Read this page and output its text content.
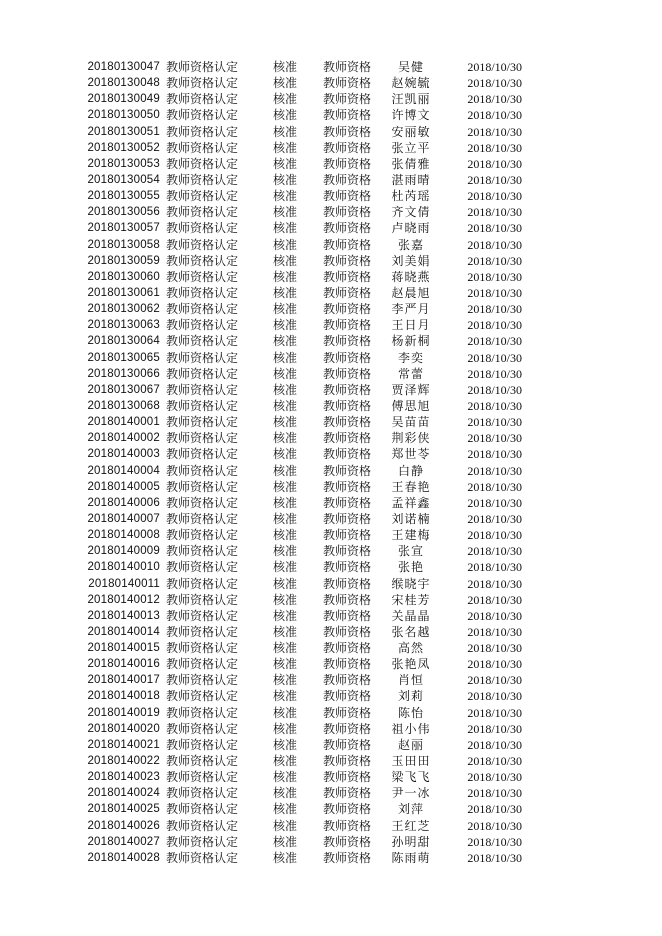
20180130047 教师资格认定	核准	教师资格	吴健	2018/10/30
20180130048 教师资格认定	核准	教师资格	赵婉毓	2018/10/30
20180130049 教师资格认定	核准	教师资格	汪凯丽	2018/10/30
20180130050 教师资格认定	核准	教师资格	许博文	2018/10/30
20180130051 教师资格认定	核准	教师资格	安丽敏	2018/10/30
20180130052 教师资格认定	核准	教师资格	张立平	2018/10/30
20180130053 教师资格认定	核准	教师资格	张倩雅	2018/10/30
20180130054 教师资格认定	核准	教师资格	湛雨晴	2018/10/30
20180130055 教师资格认定	核准	教师资格	杜芮瑶	2018/10/30
20180130056 教师资格认定	核准	教师资格	齐文倩	2018/10/30
20180130057 教师资格认定	核准	教师资格	卢晓雨	2018/10/30
20180130058 教师资格认定	核准	教师资格	张嘉	2018/10/30
20180130059 教师资格认定	核准	教师资格	刘美娟	2018/10/30
20180130060 教师资格认定	核准	教师资格	蒋晓燕	2018/10/30
20180130061 教师资格认定	核准	教师资格	赵晨旭	2018/10/30
20180130062 教师资格认定	核准	教师资格	李严月	2018/10/30
20180130063 教师资格认定	核准	教师资格	王日月	2018/10/30
20180130064 教师资格认定	核准	教师资格	杨新桐	2018/10/30
20180130065 教师资格认定	核准	教师资格	李奕	2018/10/30
20180130066 教师资格认定	核准	教师资格	常蕾	2018/10/30
20180130067 教师资格认定	核准	教师资格	贾泽辉	2018/10/30
20180130068 教师资格认定	核准	教师资格	傅思旭	2018/10/30
20180140001 教师资格认定	核准	教师资格	吴苗苗	2018/10/30
20180140002 教师资格认定	核准	教师资格	荆彩侠	2018/10/30
20180140003 教师资格认定	核准	教师资格	郑世苓	2018/10/30
20180140004 教师资格认定	核准	教师资格	白静	2018/10/30
20180140005 教师资格认定	核准	教师资格	王春艳	2018/10/30
20180140006 教师资格认定	核准	教师资格	孟祥鑫	2018/10/30
20180140007 教师资格认定	核准	教师资格	刘诺楠	2018/10/30
20180140008 教师资格认定	核准	教师资格	王建梅	2018/10/30
20180140009 教师资格认定	核准	教师资格	张宣	2018/10/30
20180140010 教师资格认定	核准	教师资格	张艳	2018/10/30
20180140011 教师资格认定	核准	教师资格	缑晓宇	2018/10/30
20180140012 教师资格认定	核准	教师资格	宋桂芳	2018/10/30
20180140013 教师资格认定	核准	教师资格	关晶晶	2018/10/30
20180140014 教师资格认定	核准	教师资格	张名越	2018/10/30
20180140015 教师资格认定	核准	教师资格	高然	2018/10/30
20180140016 教师资格认定	核准	教师资格	张艳凤	2018/10/30
20180140017 教师资格认定	核准	教师资格	肖恒	2018/10/30
20180140018 教师资格认定	核准	教师资格	刘莉	2018/10/30
20180140019 教师资格认定	核准	教师资格	陈怡	2018/10/30
20180140020 教师资格认定	核准	教师资格	祖小伟	2018/10/30
20180140021 教师资格认定	核准	教师资格	赵丽	2018/10/30
20180140022 教师资格认定	核准	教师资格	玉田田	2018/10/30
20180140023 教师资格认定	核准	教师资格	梁飞飞	2018/10/30
20180140024 教师资格认定	核准	教师资格	尹一冰	2018/10/30
20180140025 教师资格认定	核准	教师资格	刘萍	2018/10/30
20180140026 教师资格认定	核准	教师资格	王红芝	2018/10/30
20180140027 教师资格认定	核准	教师资格	孙明甜	2018/10/30
20180140028 教师资格认定	核准	教师资格	陈雨萌	2018/10/30
